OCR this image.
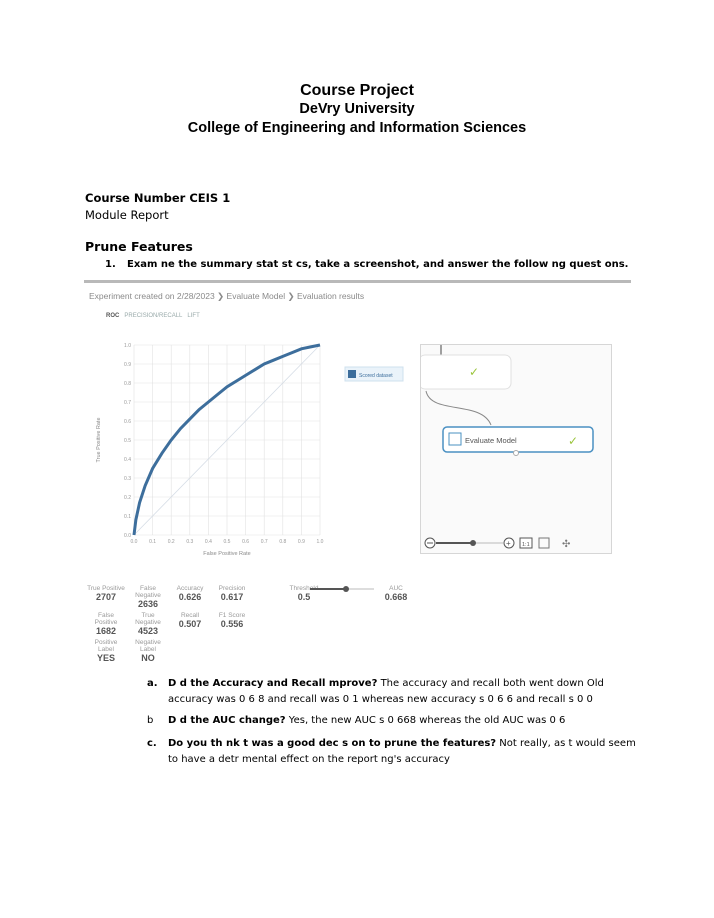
Course Project
DeVry University
College of Engineering and Information Sciences
Course Number CEIS 1
Module Report
Prune Features
1. Exam ne the summary stat st cs, take a screenshot, and answer the follow ng quest ons.
Experiment created on 2/28/2023 ❯ Evaluate Model ❯ Evaluation results
ROC PRECISION/RECALL LIFT
0.0 0.1 0.2 0.3 0.4 0.5 0.6 0.7 0.8 0.9 1.0
0.0
0.1
0.2
0.3
0.4
0.5
0.6
0.7
0.8
0.9
1.0
False Positive Rate
True Positive Rate
Scored dataset	✓
Evaluate Model	✓
+ 1:1	✣
True Positive
2707
False Negative
2636
Accuracy
0.626
Precision
0.617
Threshold
0.5
AUC
0.668
False Positive
1682
True Negative
4523
Recall
0.507
F1 Score
0.556
Positive Label
YES
Negative Label
NO
a. D d the Accuracy and Recall mprove? The accuracy and recall both went down Old accuracy was 0 6 8 and recall was 0 1 whereas new accuracy s 0 6 6 and recall s 0 0
b D d the AUC change? Yes, the new AUC s 0 668 whereas the old AUC was 0 6
c. Do you th nk t was a good dec s on to prune the features? Not really, as t would seem to have a detr mental eﬀect on the report ng's accuracy
